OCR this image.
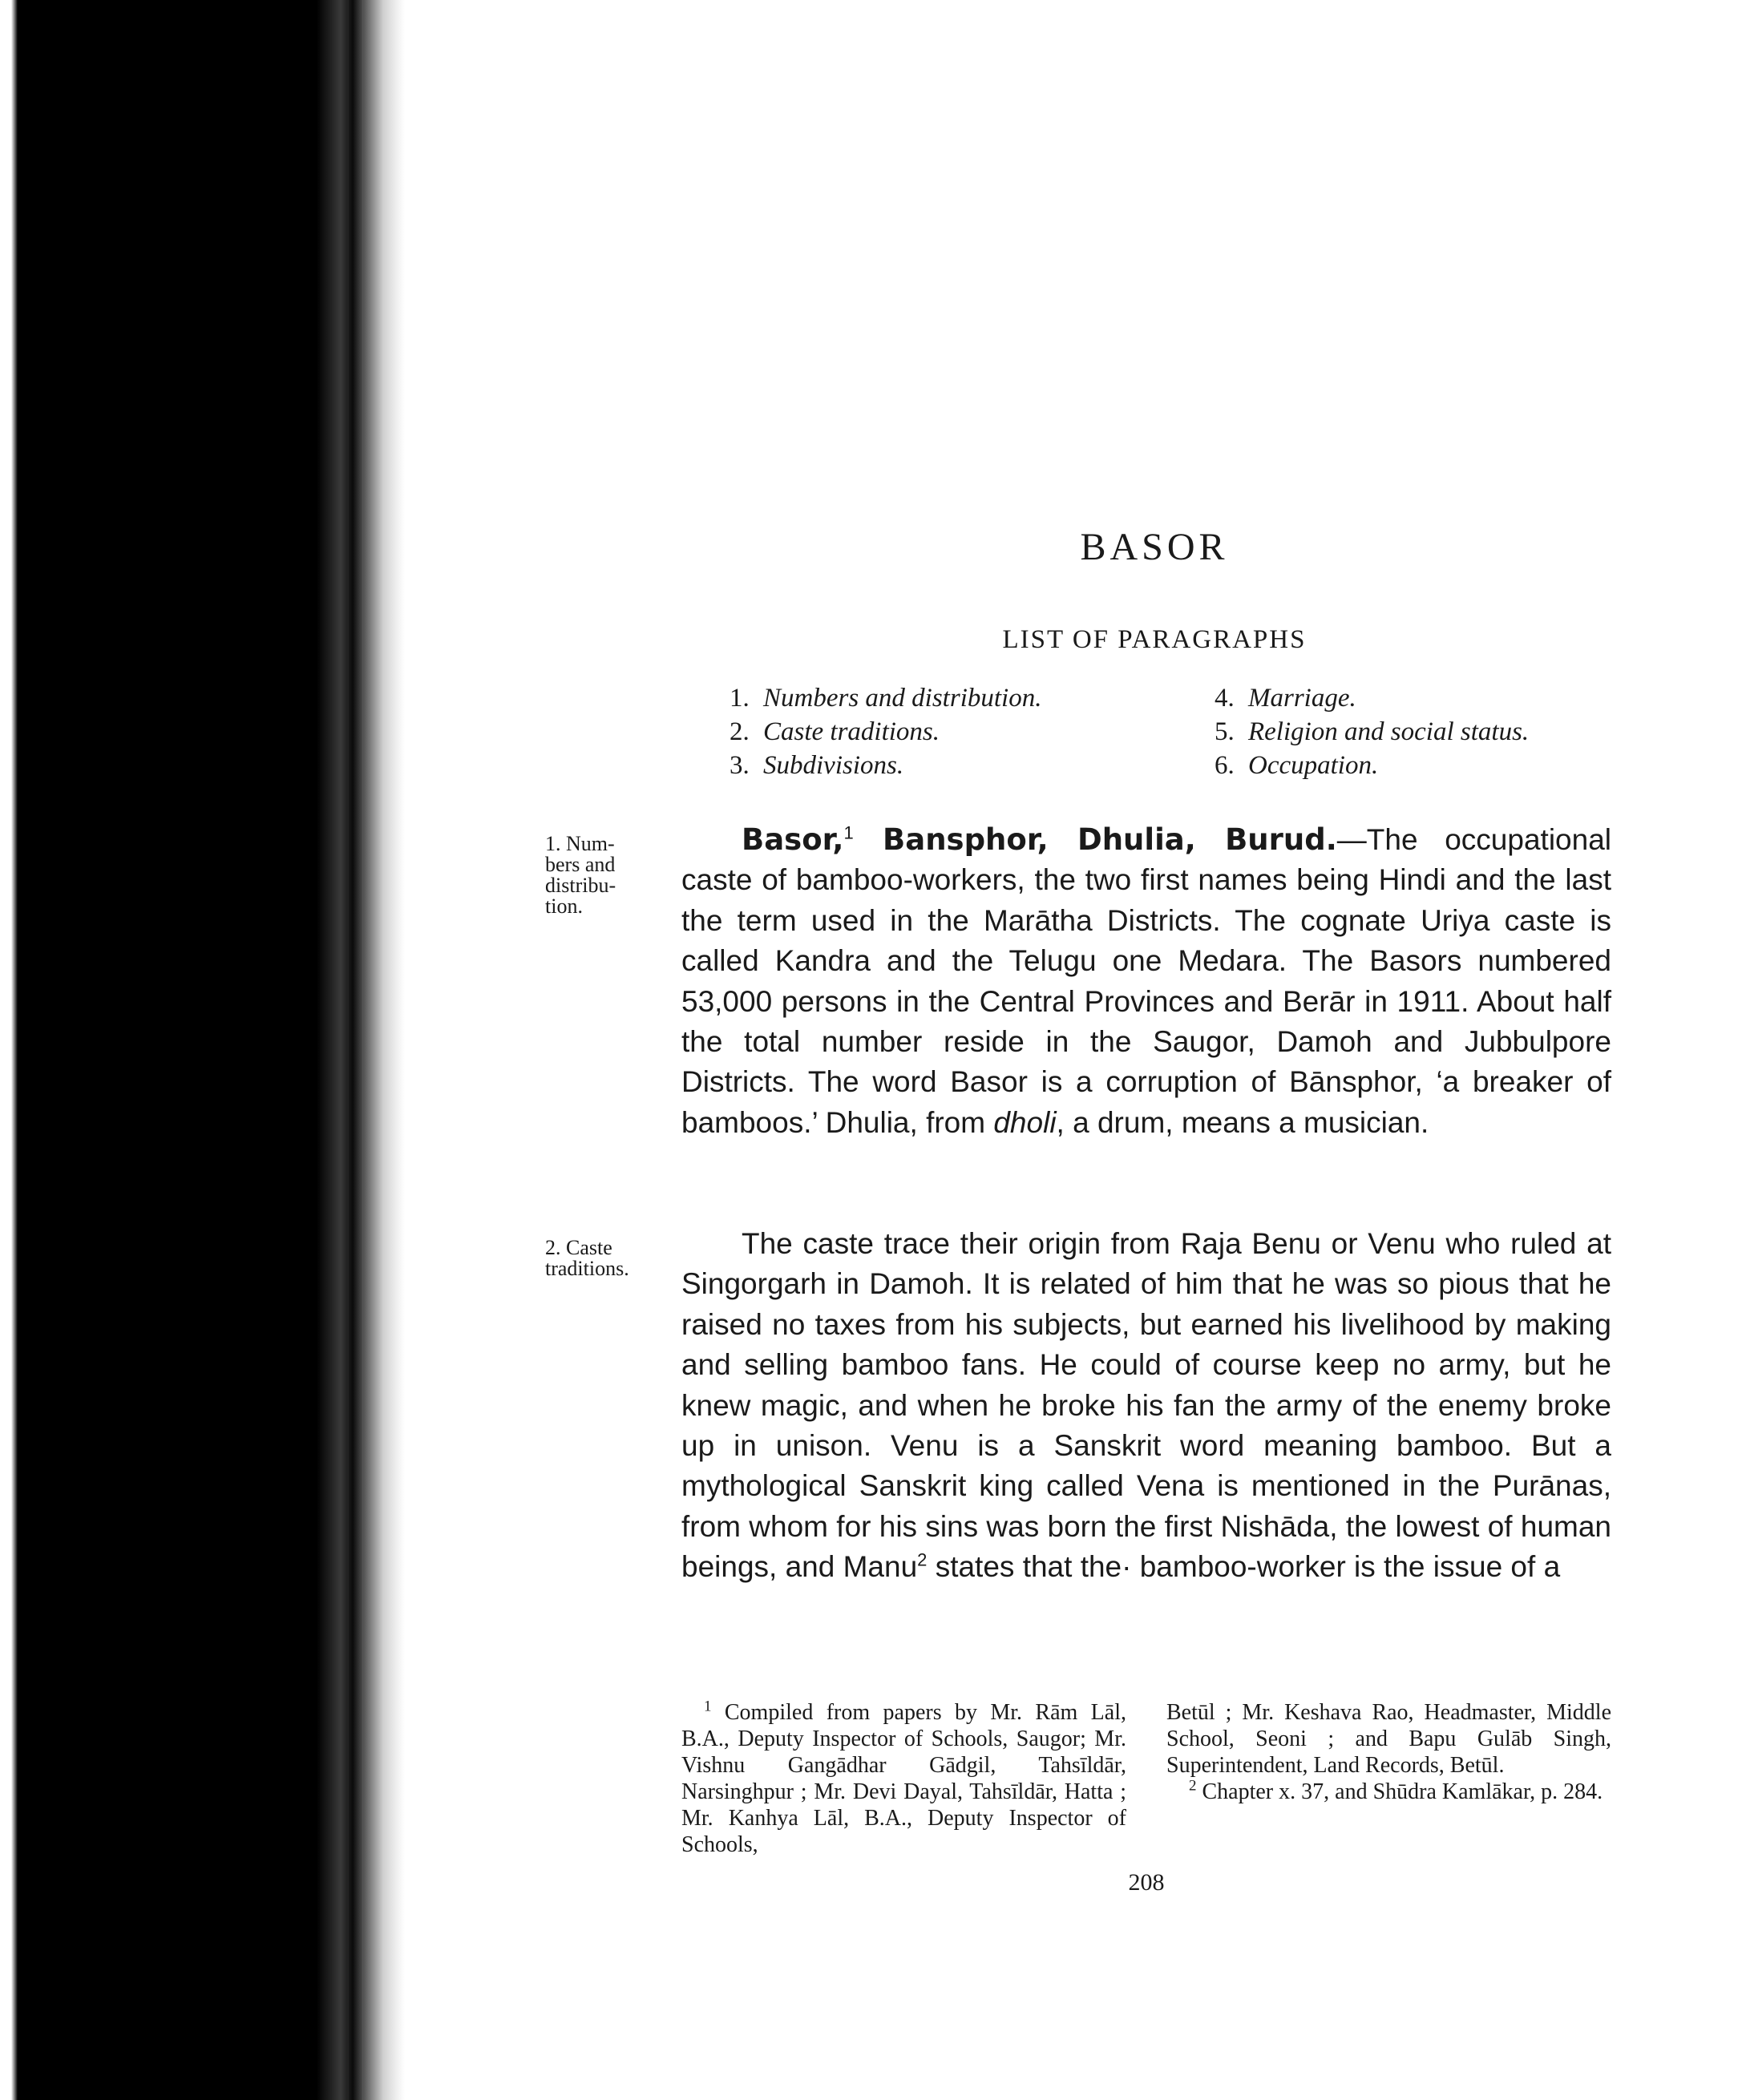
BASOR
LIST OF PARAGRAPHS
1. Numbers and distribution.
2. Caste traditions.
3. Subdivisions.
4. Marriage.
5. Religion and social status.
6. Occupation.
1. Num-
bers and
distribu-
tion.
2. Caste
traditions.
Basor,$^1$ Bansphor, Dhulia, Burud.—The occupational caste of bamboo-workers, the two first names being Hindi and the last the term used in the Marātha Districts. The cognate Uriya caste is called Kandra and the Telugu one Medara. The Basors numbered 53,000 persons in the Central Provinces and Berār in 1911. About half the total number reside in the Saugor, Damoh and Jubbulpore Districts. The word Basor is a corruption of Bānsphor, ‘a breaker of bamboos.’ Dhulia, from dholi, a drum, means a musician.
The caste trace their origin from Raja Benu or Venu who ruled at Singorgarh in Damoh. It is related of him that he was so pious that he raised no taxes from his subjects, but earned his livelihood by making and selling bamboo fans. He could of course keep no army, but he knew magic, and when he broke his fan the army of the enemy broke up in unison. Venu is a Sanskrit word meaning bamboo. But a mythological Sanskrit king called Vena is mentioned in the Purānas, from whom for his sins was born the first Nishāda, the lowest of human beings, and Manu$^2$ states that the· bamboo-worker is the issue of a

$^1$ Compiled from papers by Mr. Rām Lāl, B.A., Deputy Inspector of Schools, Saugor; Mr. Vishnu Gangādhar Gādgil, Tahsīldār, Narsinghpur ; Mr. Devi Dayal, Tahsīldār, Hatta ; Mr. Kanhya Lāl, B.A., Deputy Inspector of Schools,

Betūl ; Mr. Keshava Rao, Headmaster, Middle School, Seoni ; and Bapu Gulāb Singh, Superintendent, Land Records, Betūl.

$^2$ Chapter x. 37, and Shūdra Kamlākar, p. 284.

208
